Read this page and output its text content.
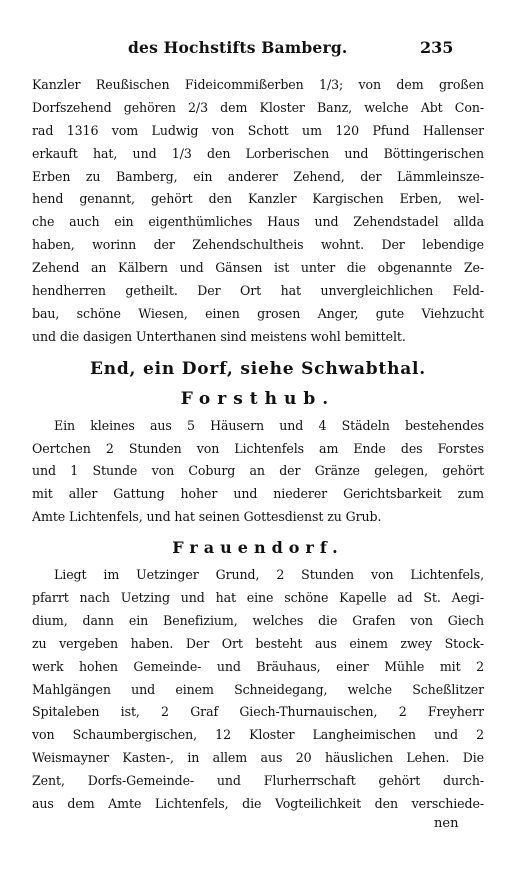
des Hochstifts Bamberg.	235
Kanzler Reußischen Fideicommißerben 1/3; von dem großen
Dorfszehend gehören 2/3 dem Kloster Banz, welche Abt Con-
rad 1316 vom Ludwig von Schott um 120 Pfund Hallenser
erkauft hat, und 1/3 den Lorberischen und Böttingerischen
Erben zu Bamberg, ein anderer Zehend, der Lämmleinsze-
hend genannt, gehört den Kanzler Kargischen Erben, wel-
che auch ein eigenthümliches Haus und Zehendstadel allda
haben, worinn der Zehendschultheis wohnt. Der lebendige
Zehend an Kälbern und Gänsen ist unter die obgenannte Ze-
hendherren getheilt. Der Ort hat unvergleichlichen Feld-
bau, schöne Wiesen, einen grosen Anger, gute Viehzucht
und die dasigen Unterthanen sind meistens wohl bemittelt.
End, ein Dorf, siehe Schwabthal.
Forsthub.
Ein kleines aus 5 Häusern und 4 Städeln bestehendes
Oertchen 2 Stunden von Lichtenfels am Ende des Forstes
und 1 Stunde von Coburg an der Gränze gelegen, gehört
mit aller Gattung hoher und niederer Gerichtsbarkeit zum
Amte Lichtenfels, und hat seinen Gottesdienst zu Grub.
Frauendorf.
Liegt im Uetzinger Grund, 2 Stunden von Lichtenfels,
pfarrt nach Uetzing und hat eine schöne Kapelle ad St. Aegi-
dium, dann ein Benefizium, welches die Grafen von Giech
zu vergeben haben. Der Ort besteht aus einem zwey Stock-
werk hohen Gemeinde- und Bräuhaus, einer Mühle mit 2
Mahlgängen und einem Schneidegang, welche Scheßlitzer
Spitaleben ist, 2 Graf Giech-Thurnauischen, 2 Freyherr
von Schaumbergischen, 12 Kloster Langheimischen und 2
Weismayner Kasten-, in allem aus 20 häuslichen Lehen. Die
Zent, Dorfs-Gemeinde- und Flurherrschaft gehört durch-
aus dem Amte Lichtenfels, die Vogteilichkeit den verschiede-
nen
